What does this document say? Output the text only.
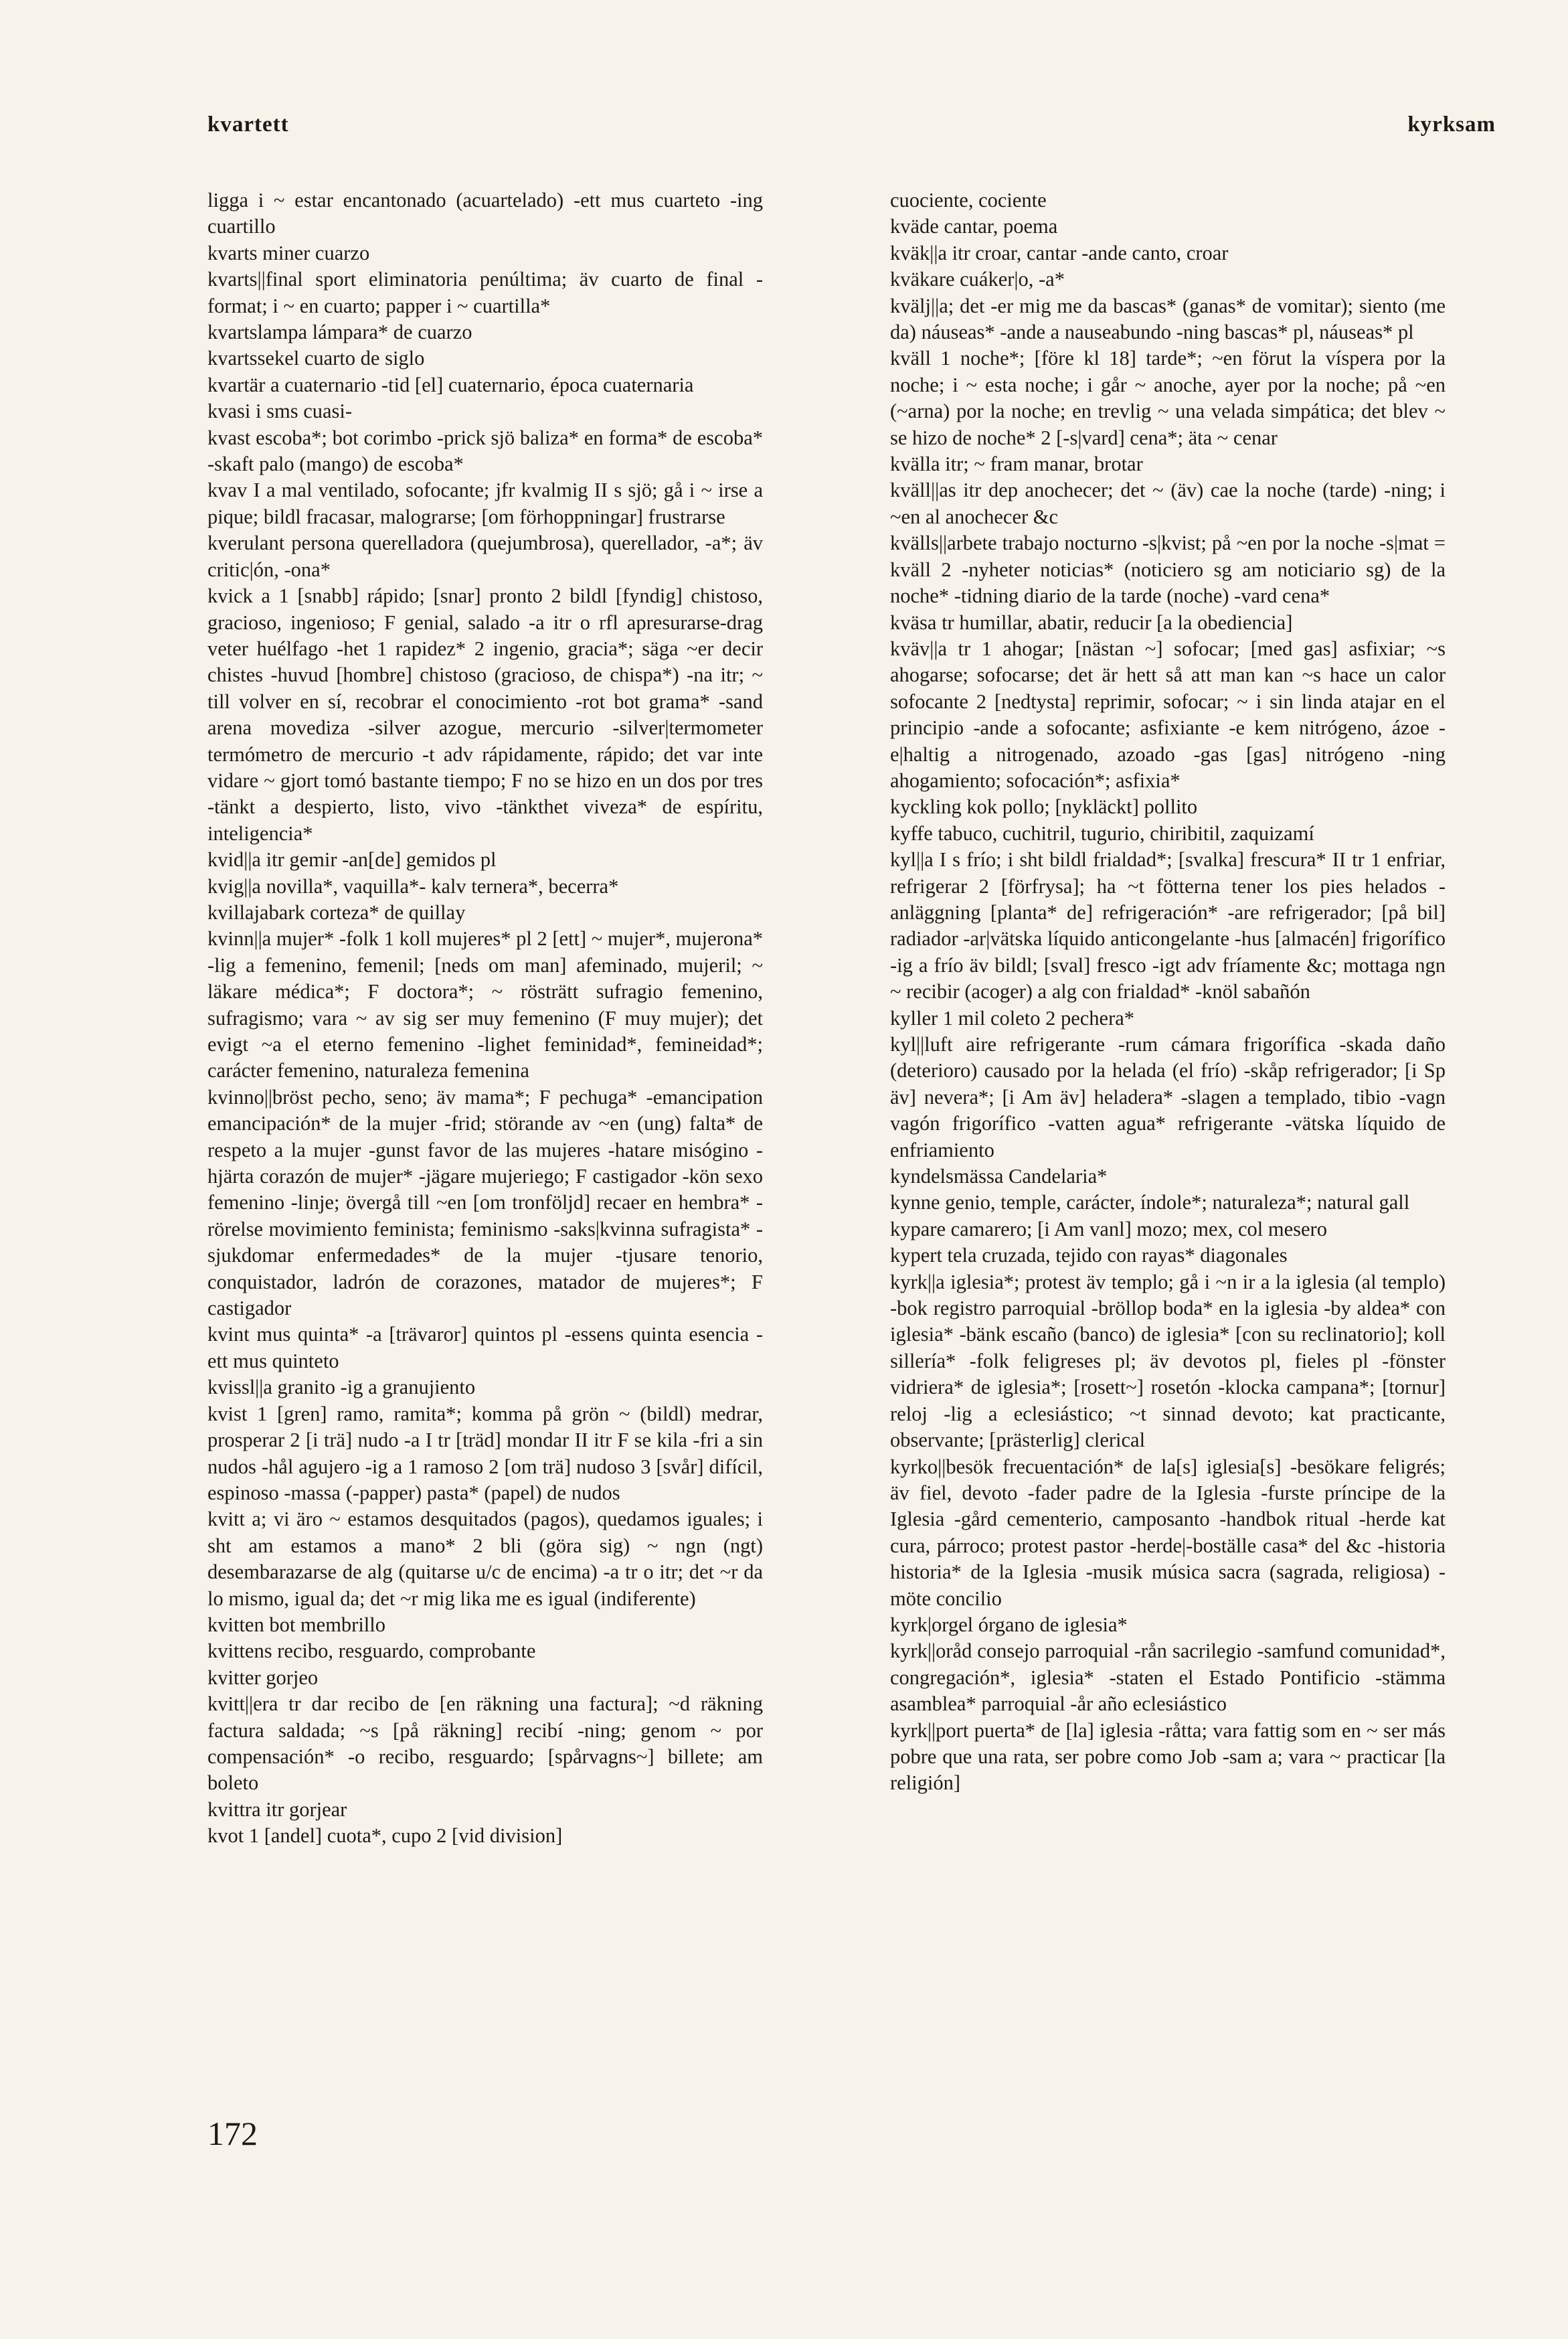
kvartett	kyrksam

ligga i ~ estar encantonado (acuartelado) -ett mus cuarteto -ing cuartillo

kvarts miner cuarzo

kvarts||final sport eliminatoria penúltima; äv cuarto de final -format; i ~ en cuarto; papper i ~ cuartilla*

kvartslampa lámpara* de cuarzo

kvartssekel cuarto de siglo

kvartär a cuaternario -tid [el] cuaternario, época cuaternaria

kvasi i sms cuasi-

kvast escoba*; bot corimbo -prick sjö baliza* en forma* de escoba* -skaft palo (mango) de escoba*

kvav I a mal ventilado, sofocante; jfr kvalmig II s sjö; gå i ~ irse a pique; bildl fracasar, malograrse; [om förhoppningar] frustrarse

kverulant persona querelladora (quejumbrosa), querellador, -a*; äv critic|ón, -ona*

kvick a 1 [snabb] rápido; [snar] pronto 2 bildl [fyndig] chistoso, gracioso, ingenioso; F genial, salado -a itr o rfl apresurarse-drag veter huélfago -het 1 rapidez* 2 ingenio, gracia*; säga ~er decir chistes -huvud [hombre] chistoso (gracioso, de chispa*) -na itr; ~ till volver en sí, recobrar el conocimiento -rot bot grama* -sand arena movediza -silver azogue, mercurio -silver|termometer termómetro de mercurio -t adv rápidamente, rápido; det var inte vidare ~ gjort tomó bastante tiempo; F no se hizo en un dos por tres -tänkt a despierto, listo, vivo -tänkthet viveza* de espíritu, inteligencia*

kvid||a itr gemir -an[de] gemidos pl

kvig||a novilla*, vaquilla*- kalv ternera*, becerra*

kvillajabark corteza* de quillay

kvinn||a mujer* -folk 1 koll mujeres* pl 2 [ett] ~ mujer*, mujerona* -lig a femenino, femenil; [neds om man] afeminado, mujeril; ~ läkare médica*; F doctora*; ~ rösträtt sufragio femenino, sufragismo; vara ~ av sig ser muy femenino (F muy mujer); det evigt ~a el eterno femenino -lighet feminidad*, femineidad*; carácter femenino, naturaleza femenina

kvinno||bröst pecho, seno; äv mama*; F pechuga* -emancipation emancipación* de la mujer -frid; störande av ~en (ung) falta* de respeto a la mujer -gunst favor de las mujeres -hatare misógino -hjärta corazón de mujer* -jägare mujeriego; F castigador -kön sexo femenino -linje; övergå till ~en [om tronföljd] recaer en hembra* -rörelse movimiento feminista; feminismo -saks|kvinna sufragista* -sjukdomar enfermedades* de la mujer -tjusare tenorio, conquistador, ladrón de corazones, matador de mujeres*; F castigador

kvint mus quinta* -a [trävaror] quintos pl -essens quinta esencia -ett mus quinteto

kvissl||a granito -ig a granujiento

kvist 1 [gren] ramo, ramita*; komma på grön ~ (bildl) medrar, prosperar 2 [i trä] nudo -a I tr [träd] mondar II itr F se kila -fri a sin nudos -hål agujero -ig a 1 ramoso 2 [om trä] nudoso 3 [svår] difícil, espinoso -massa (-papper) pasta* (papel) de nudos

kvitt a; vi äro ~ estamos desquitados (pagos), quedamos iguales; i sht am estamos a mano* 2 bli (göra sig) ~ ngn (ngt) desembarazarse de alg (quitarse u/c de encima) -a tr o itr; det ~r da lo mismo, igual da; det ~r mig lika me es igual (indiferente)

kvitten bot membrillo

kvittens recibo, resguardo, comprobante

kvitter gorjeo

kvitt||era tr dar recibo de [en räkning una factura]; ~d räkning factura saldada; ~s [på räkning] recibí -ning; genom ~ por compensación* -o recibo, resguardo; [spårvagns~] billete; am boleto

kvittra itr gorjear

kvot 1 [andel] cuota*, cupo 2 [vid division]

cuociente, cociente

kväde cantar, poema

kväk||a itr croar, cantar -ande canto, croar

kväkare cuáker|o, -a*

kvälj||a; det -er mig me da bascas* (ganas* de vomitar); siento (me da) náuseas* -ande a nauseabundo -ning bascas* pl, náuseas* pl

kväll 1 noche*; [före kl 18] tarde*; ~en förut la víspera por la noche; i ~ esta noche; i går ~ anoche, ayer por la noche; på ~en (~arna) por la noche; en trevlig ~ una velada simpática; det blev ~ se hizo de noche* 2 [-s|vard] cena*; äta ~ cenar

kvälla itr; ~ fram manar, brotar

kväll||as itr dep anochecer; det ~ (äv) cae la noche (tarde) -ning; i ~en al anochecer &c

kvälls||arbete trabajo nocturno -s|kvist; på ~en por la noche -s|mat = kväll 2 -nyheter noticias* (noticiero sg am noticiario sg) de la noche* -tidning diario de la tarde (noche) -vard cena*

kväsa tr humillar, abatir, reducir [a la obediencia]

kväv||a tr 1 ahogar; [nästan ~] sofocar; [med gas] asfixiar; ~s ahogarse; sofocarse; det är hett så att man kan ~s hace un calor sofocante 2 [nedtysta] reprimir, sofocar; ~ i sin linda atajar en el principio -ande a sofocante; asfixiante -e kem nitrógeno, ázoe -e|haltig a nitrogenado, azoado -gas [gas] nitrógeno -ning ahogamiento; sofocación*; asfixia*

kyckling kok pollo; [nykläckt] pollito

kyffe tabuco, cuchitril, tugurio, chiribitil, zaquizamí

kyl||a I s frío; i sht bildl frialdad*; [svalka] frescura* II tr 1 enfriar, refrigerar 2 [förfrysa]; ha ~t fötterna tener los pies helados -anläggning [planta* de] refrigeración* -are refrigerador; [på bil] radiador -ar|vätska líquido anticongelante -hus [almacén] frigorífico -ig a frío äv bildl; [sval] fresco -igt adv fríamente &c; mottaga ngn ~ recibir (acoger) a alg con frialdad* -knöl sabañón

kyller 1 mil coleto 2 pechera*

kyl||luft aire refrigerante -rum cámara frigorífica -skada daño (deterioro) causado por la helada (el frío) -skåp refrigerador; [i Sp äv] nevera*; [i Am äv] heladera* -slagen a templado, tibio -vagn vagón frigorífico -vatten agua* refrigerante -vätska líquido de enfriamiento

kyndelsmässa Candelaria*

kynne genio, temple, carácter, índole*; naturaleza*; natural gall

kypare camarero; [i Am vanl] mozo; mex, col mesero

kypert tela cruzada, tejido con rayas* diagonales

kyrk||a iglesia*; protest äv templo; gå i ~n ir a la iglesia (al templo) -bok registro parroquial -bröllop boda* en la iglesia -by aldea* con iglesia* -bänk escaño (banco) de iglesia* [con su reclinatorio]; koll sillería* -folk feligreses pl; äv devotos pl, fieles pl -fönster vidriera* de iglesia*; [rosett~] rosetón -klocka campana*; [tornur] reloj -lig a eclesiástico; ~t sinnad devoto; kat practicante, observante; [prästerlig] clerical

kyrko||besök frecuentación* de la[s] iglesia[s] -besökare feligrés; äv fiel, devoto -fader padre de la Iglesia -furste príncipe de la Iglesia -gård cementerio, camposanto -handbok ritual -herde kat cura, párroco; protest pastor -herde|-boställe casa* del &c -historia historia* de la Iglesia -musik música sacra (sagrada, religiosa) -möte concilio

kyrk|orgel órgano de iglesia*

kyrk||oråd consejo parroquial -rån sacrilegio -samfund comunidad*, congregación*, iglesia* -staten el Estado Pontificio -stämma asamblea* parroquial -år año eclesiástico

kyrk||port puerta* de [la] iglesia -råtta; vara fattig som en ~ ser más pobre que una rata, ser pobre como Job -sam a; vara ~ practicar [la religión]

172
